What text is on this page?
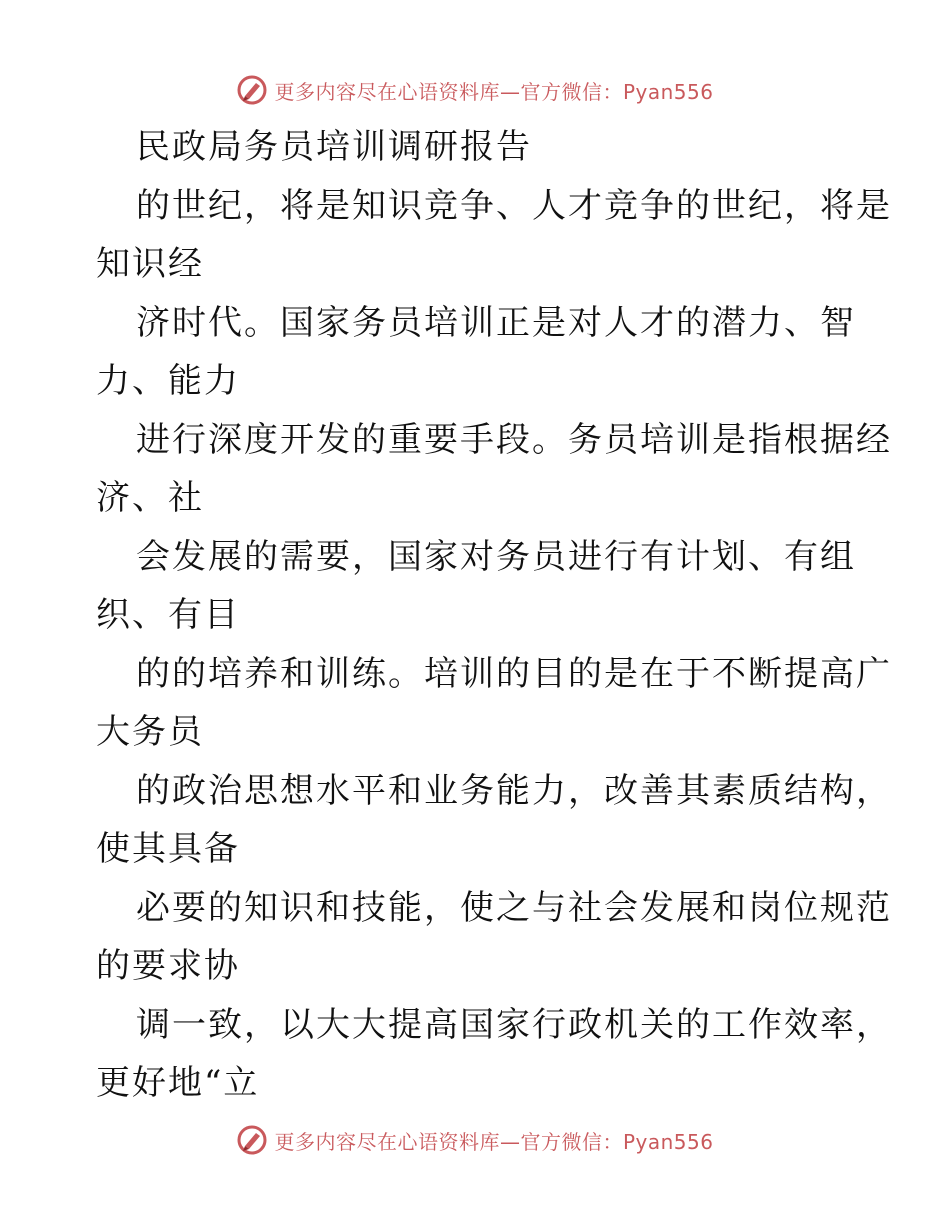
更多内容尽在心语资料库—官方微信：Pyan556
民政局务员培训调研报告
的世纪，将是知识竞争、人才竞争的世纪，将是
知识经
济时代。国家务员培训正是对人才的潜力、智
力、能力
进行深度开发的重要手段。务员培训是指根据经
济、社
会发展的需要，国家对务员进行有计划、有组
织、有目
的的培养和训练。培训的目的是在于不断提高广
大务员
的政治思想水平和业务能力，改善其素质结构，
使其具备
必要的知识和技能，使之与社会发展和岗位规范
的要求协
调一致，以大大提高国家行政机关的工作效率，
更好地“立
更多内容尽在心语资料库—官方微信：Pyan556
